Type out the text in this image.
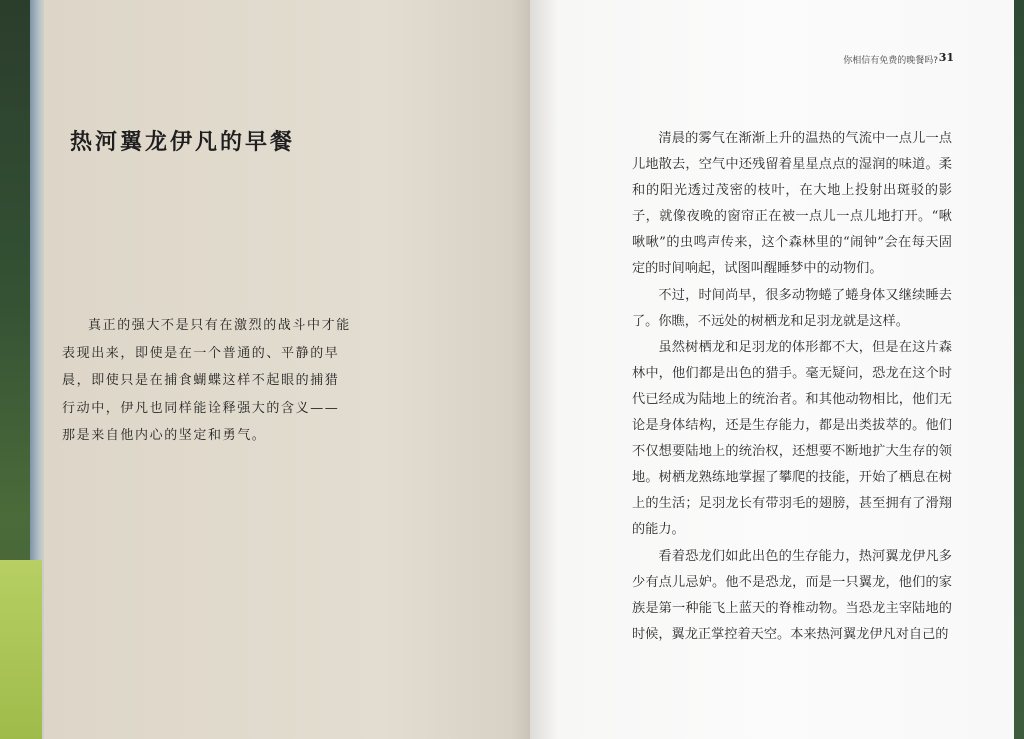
热河翼龙伊凡的早餐
真正的强大不是只有在激烈的战斗中才能表现出来，即使是在一个普通的、平静的早晨，即使只是在捕食蝴蝶这样不起眼的捕猎行动中，伊凡也同样能诠释强大的含义——那是来自他内心的坚定和勇气。
你相信有免费的晚餐吗? 31

清晨的雾气在渐渐上升的温热的气流中一点儿一点儿地散去，空气中还残留着星星点点的湿润的味道。柔和的阳光透过茂密的枝叶，在大地上投射出斑驳的影子，就像夜晚的窗帘正在被一点儿一点儿地打开。“啾啾啾”的虫鸣声传来，这个森林里的“闹钟”会在每天固定的时间响起，试图叫醒睡梦中的动物们。

不过，时间尚早，很多动物蜷了蜷身体又继续睡去了。你瞧，不远处的树栖龙和足羽龙就是这样。

虽然树栖龙和足羽龙的体形都不大，但是在这片森林中，他们都是出色的猎手。毫无疑问，恐龙在这个时代已经成为陆地上的统治者。和其他动物相比，他们无论是身体结构，还是生存能力，都是出类拔萃的。他们不仅想要陆地上的统治权，还想要不断地扩大生存的领地。树栖龙熟练地掌握了攀爬的技能，开始了栖息在树上的生活；足羽龙长有带羽毛的翅膀，甚至拥有了滑翔的能力。

看着恐龙们如此出色的生存能力，热河翼龙伊凡多少有点儿忌妒。他不是恐龙，而是一只翼龙，他们的家族是第一种能飞上蓝天的脊椎动物。当恐龙主宰陆地的时候，翼龙正掌控着天空。本来热河翼龙伊凡对自己的
